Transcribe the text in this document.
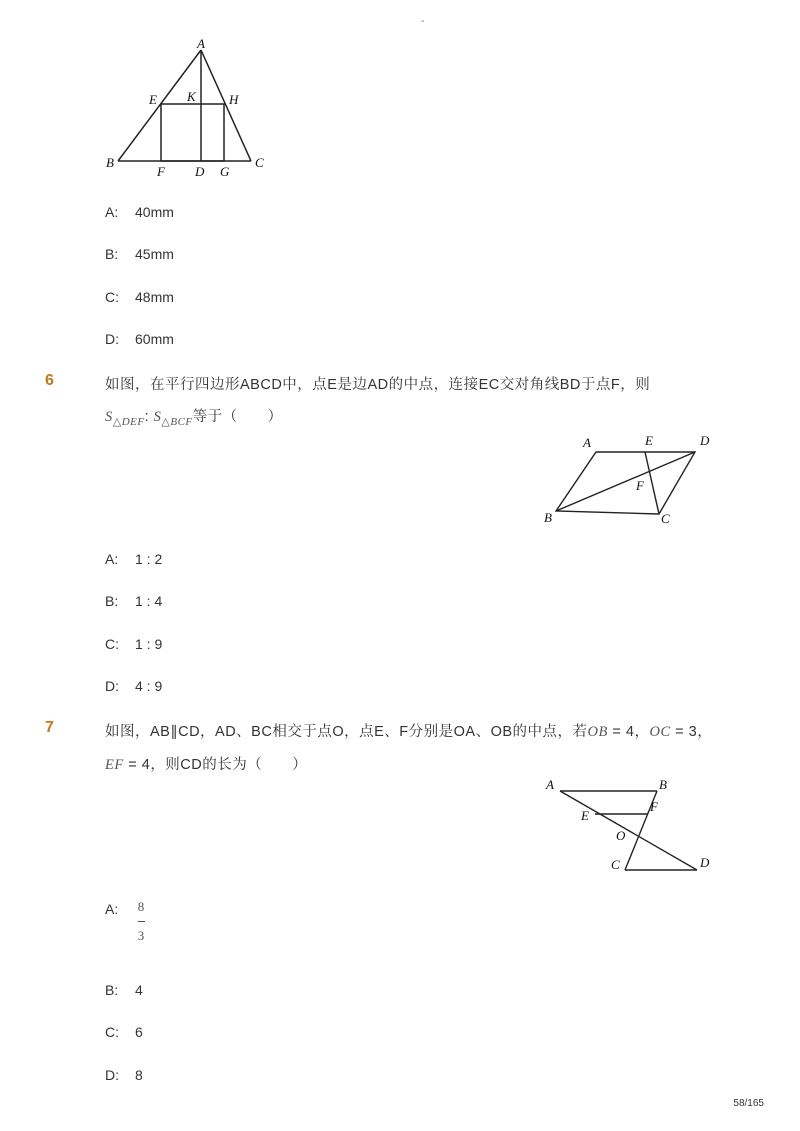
-
A
E K	H
B
F D G
C
A: 40mm
B: 45mm
C: 48mm
D: 60mm
6	如图，在平行四边形ABCD中，点E是边AD的中点，连接EC交对角线BD于点F，则
$S_{\triangle DEF}$: $S_{\triangle BCF}$等于（　　）
A	E	D
F
B	C
A: 1 : 2
B: 1 : 4
C: 1 : 9
D: 4 : 9
7	如图，AB∥CD，AD、BC相交于点O，点E、F分别是OA、OB的中点，若OB = 4，OC = 3，
EF = 4，则CD的长为（　　）
A	B
E
F
O
C	D
A:	8
3
B: 4
C: 6
D: 8
58/165
